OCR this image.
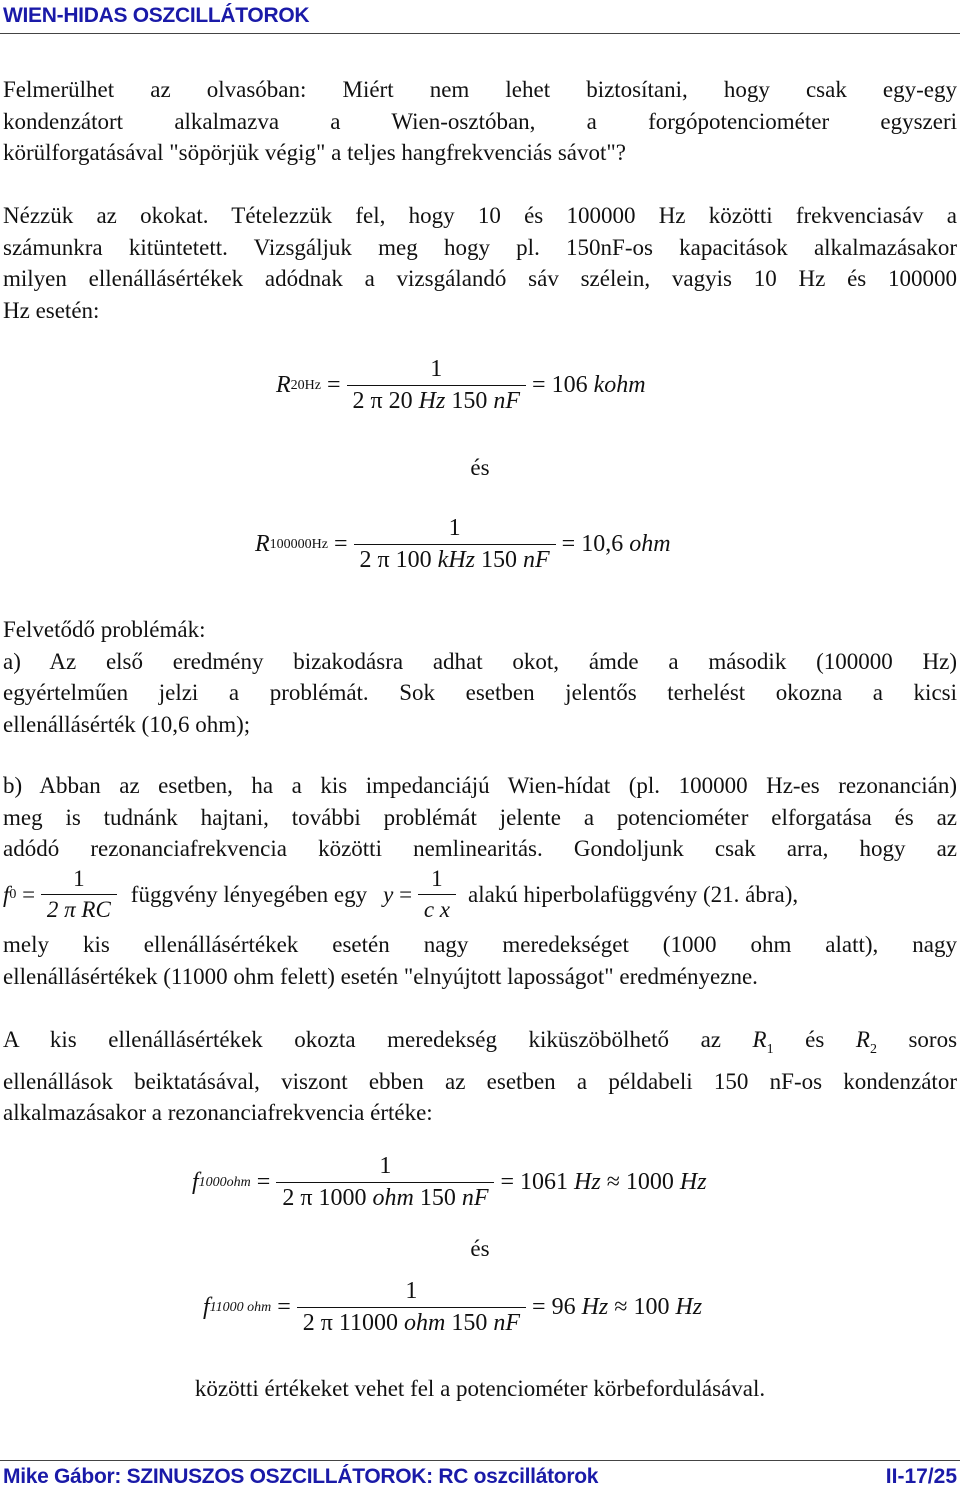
WIEN-HIDAS OSZCILLÁTOROK
Felmerülhet az olvasóban: Miért nem lehet biztosítani, hogy csak egy-egy
kondenzátort alkalmazva a Wien-osztóban, a forgópotenciométer egyszeri
körülforgatásával "söpörjük végig" a teljes hangfrekvenciás sávot"?
Nézzük az okokat. Tételezzük fel, hogy 10 és 100000 Hz közötti frekvenciasáv a
számunkra kitüntetett. Vizsgáljuk meg hogy pl. 150nF-os kapacitások alkalmazásakor
milyen ellenállásértékek adódnak a vizsgálandó sáv szélein, vagyis 10 Hz és 100000
Hz esetén:
R $20Hz = \frac{1}{2 \pi 20 Hz 150 nF} = 106$ kohm
és
R $100000Hz = \frac{1}{\text{2 π 100 kHz 150 nF}} = 10,6$ ohm
Felvetődő problémák:
a) Az első eredmény bizakodásra adhat okot, ámde a második (100000 Hz)
egyértelműen jelzi a problémát. Sok esetben jelentős terhelést okozna a kicsi
ellenállásérték (10,6 ohm);
b) Abban az esetben, ha a kis impedanciájú Wien-hídat (pl. 100000 Hz-es rezonancián)
meg is tudnánk hajtani, további problémát jelente a potenciométer elforgatása és az
adódó rezonanciafrekvencia közötti nemlinearitás. Gondoljunk csak arra, hogy az
f $0 = \frac{1}{\text{2 π RC}}$ függvény lényegében egy $y = \frac{1}{\text{c x}}$ alakú hiperbolafüggvény (21. ábra),
mely kis ellenállásértékek esetén nagy meredekséget (1000 ohm alatt), nagy
ellenállásértékek (11000 ohm felett) esetén "elnyújtott laposságot" eredményezne.
A kis ellenállásértékek okozta meredekség kiküszöbölhető az $R_1$ és $R_2$ soros
ellenállások beiktatásával, viszont ebben az esetben a példabeli 150 nF-os kondenzátor
alkalmazásakor a rezonanciafrekvencia értéke:
f $1000ohm = \frac{1}{\text{2 π 1000 ohm 150 nF}} = 1061$ Hz ≈ 1000 Hz
és
f 11000 ohm = $\frac{1}{\text{2 π 11000 ohm 150 nF}} = 96$ Hz ≈ 100 Hz
közötti értékeket vehet fel a potenciométer körbefordulásával.
Mike Gábor: SZINUSZOS OSZCILLÁTOROK: RC oszcillátorok	II-17/25
